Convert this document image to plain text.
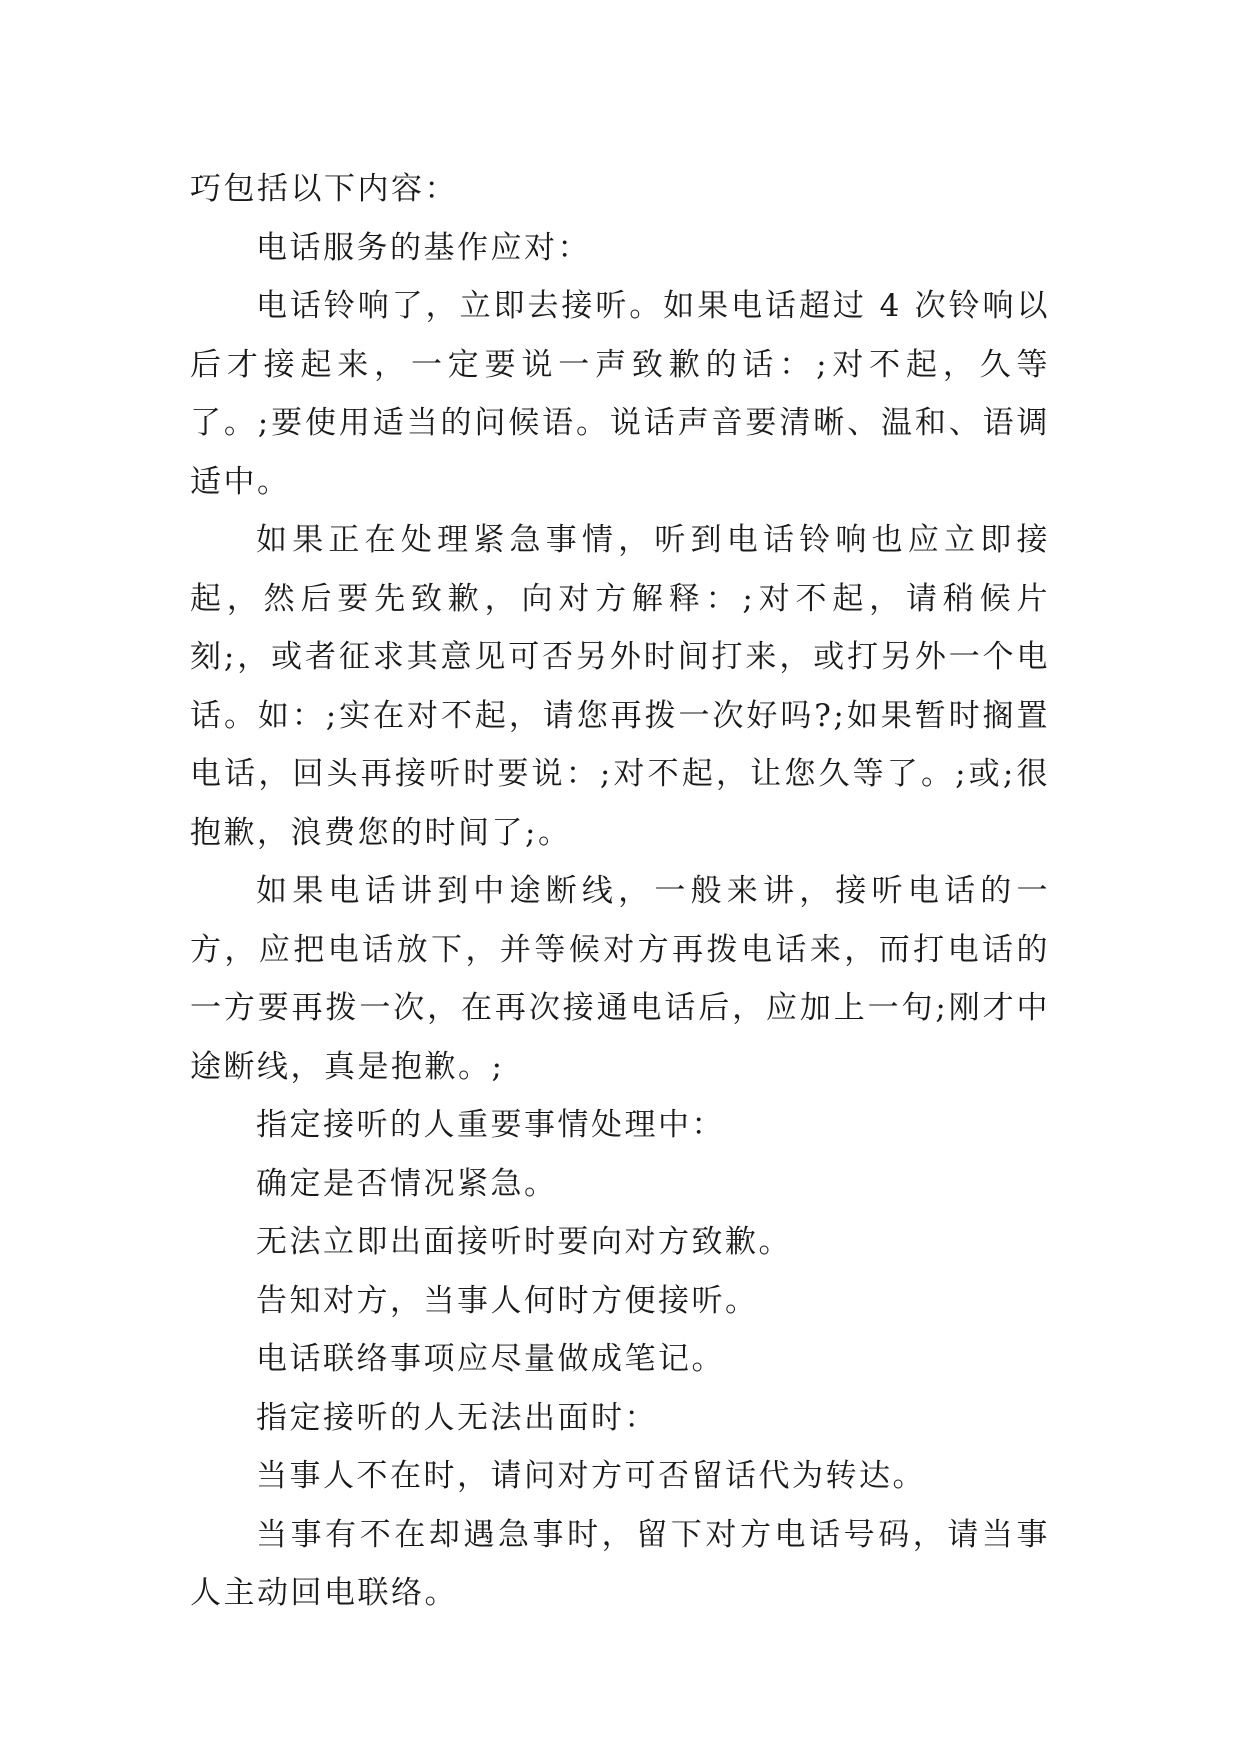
巧包括以下内容：

电话服务的基作应对：

电话铃响了，立即去接听。如果电话超过 4 次铃响以后才接起来，一定要说一声致歉的话：;对不起，久等了。;要使用适当的问候语。说话声音要清晰、温和、语调适中。

如果正在处理紧急事情，听到电话铃响也应立即接起，然后要先致歉，向对方解释：;对不起，请稍候片刻;，或者征求其意见可否另外时间打来，或打另外一个电话。如：;实在对不起，请您再拨一次好吗?;如果暂时搁置电话，回头再接听时要说：;对不起，让您久等了。;或;很抱歉，浪费您的时间了;。

如果电话讲到中途断线，一般来讲，接听电话的一方，应把电话放下，并等候对方再拨电话来，而打电话的一方要再拨一次，在再次接通电话后，应加上一句;刚才中途断线，真是抱歉。;

指定接听的人重要事情处理中：

确定是否情况紧急。

无法立即出面接听时要向对方致歉。

告知对方，当事人何时方便接听。

电话联络事项应尽量做成笔记。

指定接听的人无法出面时：

当事人不在时，请问对方可否留话代为转达。

当事有不在却遇急事时，留下对方电话号码，请当事人主动回电联络。
